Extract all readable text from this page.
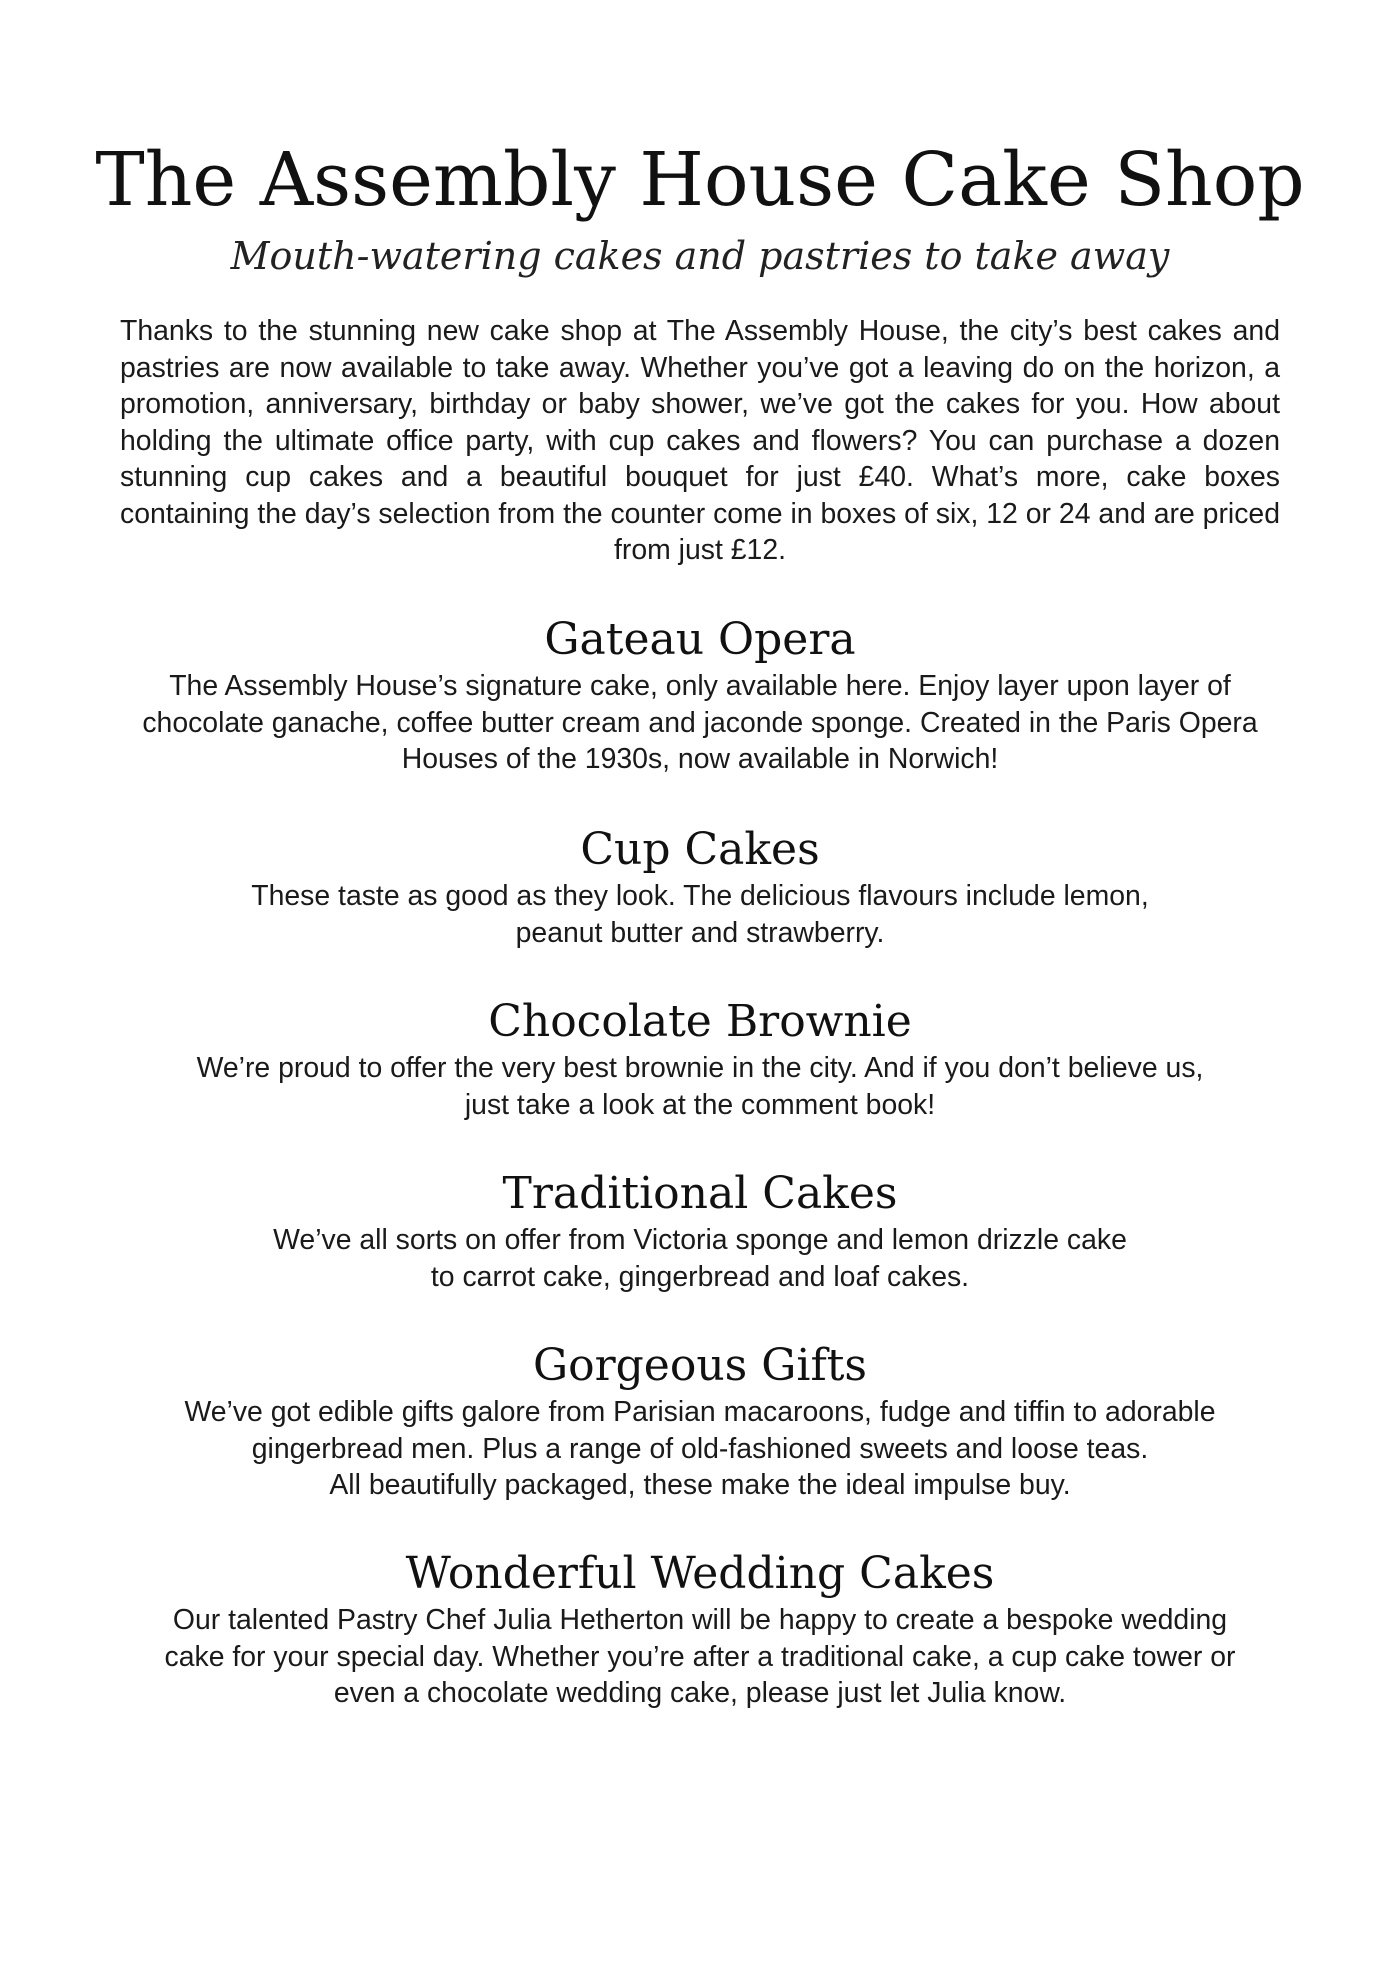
The Assembly House Cake Shop

Mouth-watering cakes and pastries to take away

Thanks to the stunning new cake shop at The Assembly House, the city’s best cakes and pastries are now available to take away. Whether you’ve got a leaving do on the horizon, a promotion, anniversary, birthday or baby shower, we’ve got the cakes for you. How about holding the ultimate office party, with cup cakes and flowers? You can purchase a dozen stunning cup cakes and a beautiful bouquet for just £40. What’s more, cake boxes containing the day’s selection from the counter come in boxes of six, 12 or 24 and are priced from just £12.

Gateau Opera

The Assembly House’s signature cake, only available here. Enjoy layer upon layer of
chocolate ganache, coffee butter cream and jaconde sponge. Created in the Paris Opera
Houses of the 1930s, now available in Norwich!

Cup Cakes

These taste as good as they look. The delicious flavours include lemon,
peanut butter and strawberry.

Chocolate Brownie

We’re proud to offer the very best brownie in the city. And if you don’t believe us,
just take a look at the comment book!

Traditional Cakes

We’ve all sorts on offer from Victoria sponge and lemon drizzle cake
to carrot cake, gingerbread and loaf cakes.

Gorgeous Gifts

We’ve got edible gifts galore from Parisian macaroons, fudge and tiffin to adorable
gingerbread men. Plus a range of old-fashioned sweets and loose teas.
All beautifully packaged, these make the ideal impulse buy.

Wonderful Wedding Cakes

Our talented Pastry Chef Julia Hetherton will be happy to create a bespoke wedding
cake for your special day. Whether you’re after a traditional cake, a cup cake tower or
even a chocolate wedding cake, please just let Julia know.
